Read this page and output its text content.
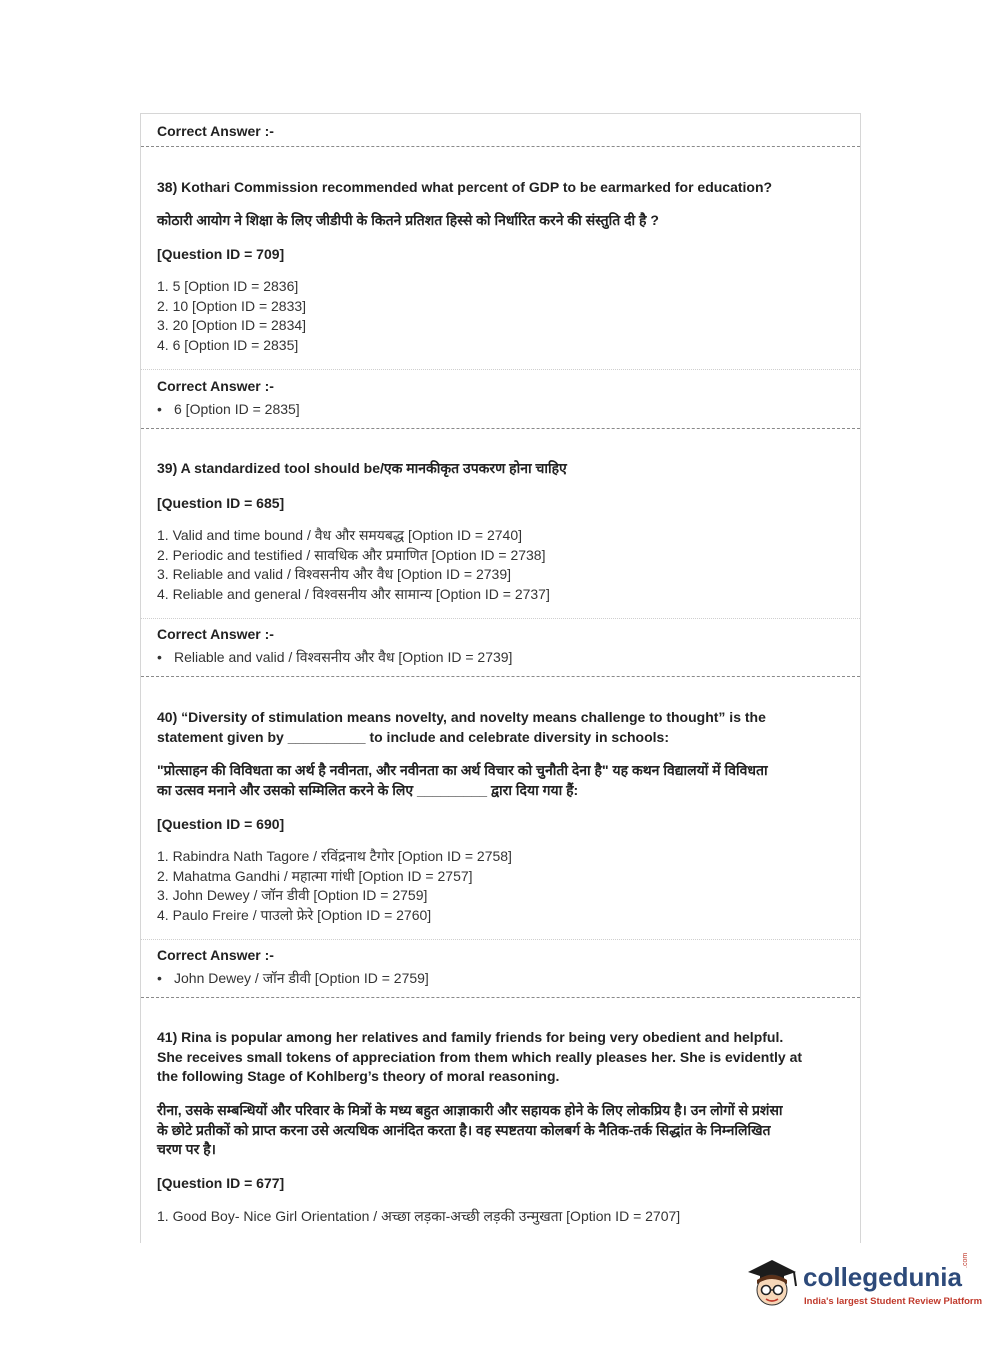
Correct Answer :-
38) Kothari Commission recommended what percent of GDP to be earmarked for education?
कोठारी आयोग ने शिक्षा के लिए जीडीपी के कितने प्रतिशत हिस्से को निर्धारित करने की संस्तुति दी है ?
[Question ID = 709]
1. 5 [Option ID = 2836]
2. 10 [Option ID = 2833]
3. 20 [Option ID = 2834]
4. 6 [Option ID = 2835]
Correct Answer :-
• 6 [Option ID = 2835]
39) A standardized tool should be/एक मानकीकृत उपकरण होना चाहिए
[Question ID = 685]
1. Valid and time bound / वैध और समयबद्ध [Option ID = 2740]
2. Periodic and testified / सावधिक और प्रमाणित [Option ID = 2738]
3. Reliable and valid / विश्वसनीय और वैध [Option ID = 2739]
4. Reliable and general / विश्वसनीय और सामान्य [Option ID = 2737]
Correct Answer :-
• Reliable and valid / विश्वसनीय और वैध [Option ID = 2739]
40) “Diversity of stimulation means novelty, and novelty means challenge to thought” is the
statement given by __________ to include and celebrate diversity in schools:
"प्रोत्साहन की विविधता का अर्थ है नवीनता, और नवीनता का अर्थ विचार को चुनौती देना है" यह कथन विद्यालयों में विविधता
का उत्सव मनाने और उसको सम्मिलित करने के लिए _________ द्वारा दिया गया हैं:
[Question ID = 690]
1. Rabindra Nath Tagore / रविंद्रनाथ टैगोर [Option ID = 2758]
2. Mahatma Gandhi / महात्मा गांधी [Option ID = 2757]
3. John Dewey / जॉन डीवी [Option ID = 2759]
4. Paulo Freire / पाउलो फ्रेरे [Option ID = 2760]
Correct Answer :-
• John Dewey / जॉन डीवी [Option ID = 2759]
41) Rina is popular among her relatives and family friends for being very obedient and helpful.
She receives small tokens of appreciation from them which really pleases her. She is evidently at
the following Stage of Kohlberg’s theory of moral reasoning.
रीना, उसके सम्बन्धियों और परिवार के मित्रों के मध्य बहुत आज्ञाकारी और सहायक होने के लिए लोकप्रिय है। उन लोगों से प्रशंसा
के छोटे प्रतीकों को प्राप्त करना उसे अत्यधिक आनंदित करता है। वह स्पष्टतया कोलबर्ग के नैतिक-तर्क सिद्धांत के निम्नलिखित
चरण पर है।
[Question ID = 677]
1. Good Boy- Nice Girl Orientation / अच्छा लड़का-अच्छी लड़की उन्मुखता [Option ID = 2707]
collegedunia
.com
India's largest Student Review Platform
